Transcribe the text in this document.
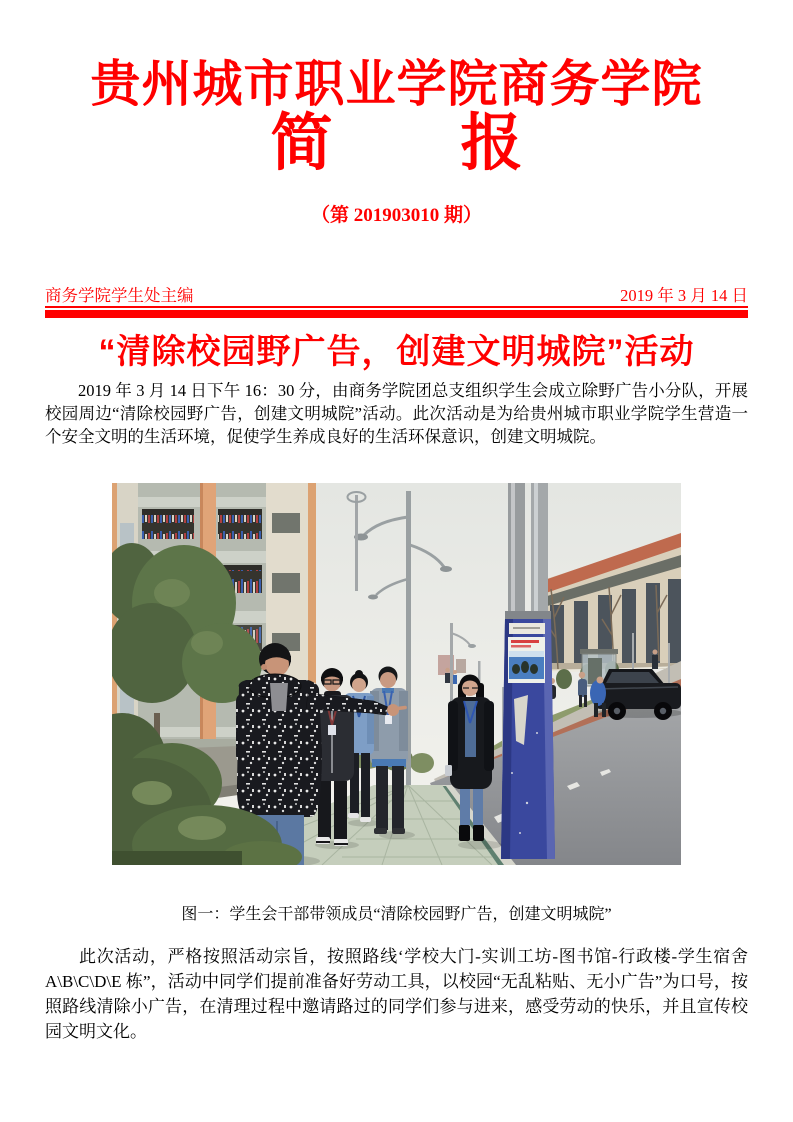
贵州城市职业学院商务学院
简 报
（第 201903010 期）
商务学院学生处主编	2019 年 3 月 14 日
“清除校园野广告，创建文明城院”活动

2019 年 3 月 14 日下午 16：30 分，由商务学院团总支组织学生会成立除野广告小分队，开展校园周边“清除校园野广告，创建文明城院”活动。此次活动是为给贵州城市职业学院学生营造一个安全文明的生活环境，促使学生养成良好的生活环保意识，创建文明城院。

图一：学生会干部带领成员“清除校园野广告，创建文明城院”

此次活动，严格按照活动宗旨，按照路线‘学校大门-实训工坊-图书馆-行政楼-学生宿舍 A\B\C\D\E 栋”，活动中同学们提前准备好劳动工具，以校园“无乱粘贴、无小广告”为口号，按照路线清除小广告，在清理过程中邀请路过的同学们参与进来，感受劳动的快乐，并且宣传校园文明文化。
